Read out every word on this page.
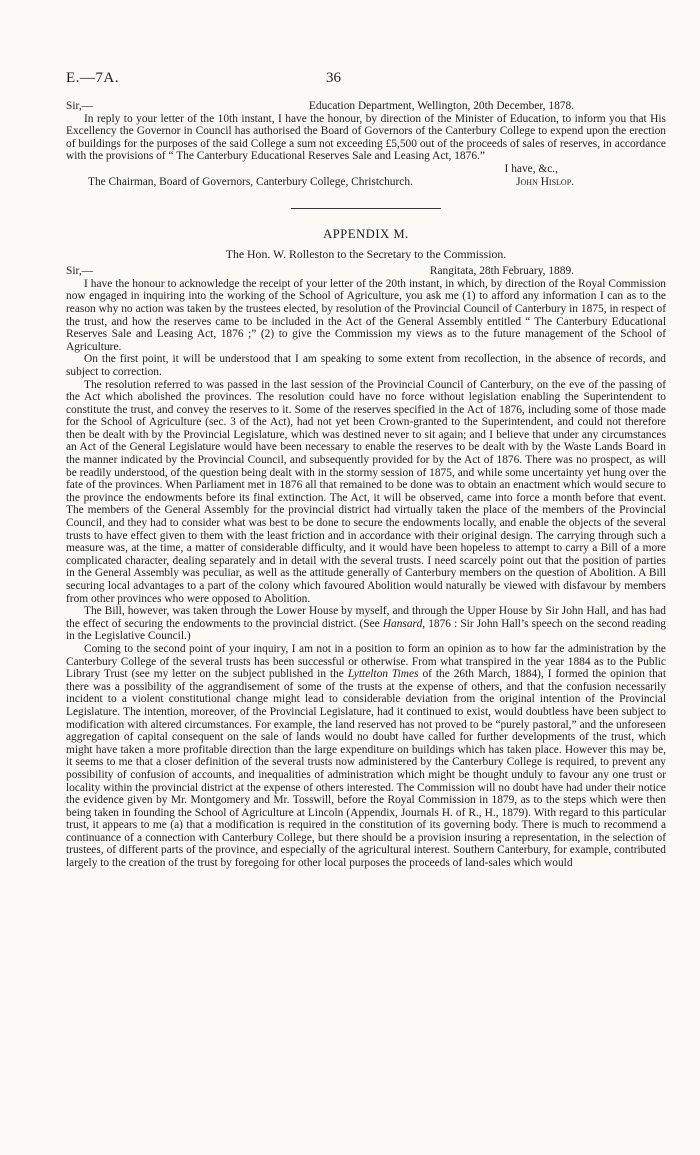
E.—7A.	36
Sir,—	Education Department, Wellington, 20th December, 1878.

In reply to your letter of the 10th instant, I have the honour, by direction of the Minister of Education, to inform you that His Excellency the Governor in Council has authorised the Board of Governors of the Canterbury College to expend upon the erection of buildings for the purposes of the said College a sum not exceeding £5,500 out of the proceeds of sales of reserves, in accordance with the provisions of “ The Canterbury Educational Reserves Sale and Leasing Act, 1876.”

I have, &c.,
The Chairman, Board of Governors, Canterbury College, Christchurch.	John Hislop.
APPENDIX M.
The Hon. W. Rolleston to the Secretary to the Commission.
Sir,—	Rangitata, 28th February, 1889.

I have the honour to acknowledge the receipt of your letter of the 20th instant, in which, by direction of the Royal Commission now engaged in inquiring into the working of the School of Agriculture, you ask me (1) to afford any information I can as to the reason why no action was taken by the trustees elected, by resolution of the Provincial Council of Canterbury in 1875, in respect of the trust, and how the reserves came to be included in the Act of the General Assembly entitled “ The Canterbury Educational Reserves Sale and Leasing Act, 1876 ;” (2) to give the Commission my views as to the future management of the School of Agriculture.

On the first point, it will be understood that I am speaking to some extent from recollection, in the absence of records, and subject to correction.

The resolution referred to was passed in the last session of the Provincial Council of Canterbury, on the eve of the passing of the Act which abolished the provinces. The resolution could have no force without legislation enabling the Superintendent to constitute the trust, and convey the reserves to it. Some of the reserves specified in the Act of 1876, including some of those made for the School of Agriculture (sec. 3 of the Act), had not yet been Crown-granted to the Superintendent, and could not therefore then be dealt with by the Provincial Legislature, which was destined never to sit again; and I believe that under any circumstances an Act of the General Legislature would have been necessary to enable the reserves to be dealt with by the Waste Lands Board in the manner indicated by the Provincial Council, and subsequently provided for by the Act of 1876. There was no prospect, as will be readily understood, of the question being dealt with in the stormy session of 1875, and while some uncertainty yet hung over the fate of the provinces. When Parliament met in 1876 all that remained to be done was to obtain an enactment which would secure to the province the endowments before its final extinction. The Act, it will be observed, came into force a month before that event. The members of the General Assembly for the provincial district had virtually taken the place of the members of the Provincial Council, and they had to consider what was best to be done to secure the endowments locally, and enable the objects of the several trusts to have effect given to them with the least friction and in accordance with their original design. The carrying through such a measure was, at the time, a matter of considerable difficulty, and it would have been hopeless to attempt to carry a Bill of a more complicated character, dealing separately and in detail with the several trusts. I need scarcely point out that the position of parties in the General Assembly was peculiar, as well as the attitude generally of Canterbury members on the question of Abolition. A Bill securing local advantages to a part of the colony which favoured Abolition would naturally be viewed with disfavour by members from other provinces who were opposed to Abolition.

The Bill, however, was taken through the Lower House by myself, and through the Upper House by Sir John Hall, and has had the effect of securing the endowments to the provincial district. (See Hansard, 1876 : Sir John Hall’s speech on the second reading in the Legislative Council.)

Coming to the second point of your inquiry, I am not in a position to form an opinion as to how far the administration by the Canterbury College of the several trusts has been successful or otherwise. From what transpired in the year 1884 as to the Public Library Trust (see my letter on the subject published in the Lyttelton Times of the 26th March, 1884), I formed the opinion that there was a possibility of the aggrandisement of some of the trusts at the expense of others, and that the confusion necessarily incident to a violent constitutional change might lead to considerable deviation from the original intention of the Provincial Legislature. The intention, moreover, of the Provincial Legislature, had it continued to exist, would doubtless have been subject to modification with altered circumstances. For example, the land reserved has not proved to be “purely pastoral,” and the unforeseen aggregation of capital consequent on the sale of lands would no doubt have called for further developments of the trust, which might have taken a more profitable direction than the large expenditure on buildings which has taken place. However this may be, it seems to me that a closer definition of the several trusts now administered by the Canterbury College is required, to prevent any possibility of confusion of accounts, and inequalities of administration which might be thought unduly to favour any one trust or locality within the provincial district at the expense of others interested. The Commission will no doubt have had under their notice the evidence given by Mr. Montgomery and Mr. Tosswill, before the Royal Commission in 1879, as to the steps which were then being taken in founding the School of Agriculture at Lincoln (Appendix, Journals H. of R., H., 1879). With regard to this particular trust, it appears to me (a) that a modification is required in the constitution of its governing body. There is much to recommend a continuance of a connection with Canterbury College, but there should be a provision insuring a representation, in the selection of trustees, of different parts of the province, and especially of the agricultural interest. Southern Canterbury, for example, contributed largely to the creation of the trust by foregoing for other local purposes the proceeds of land-sales which would
